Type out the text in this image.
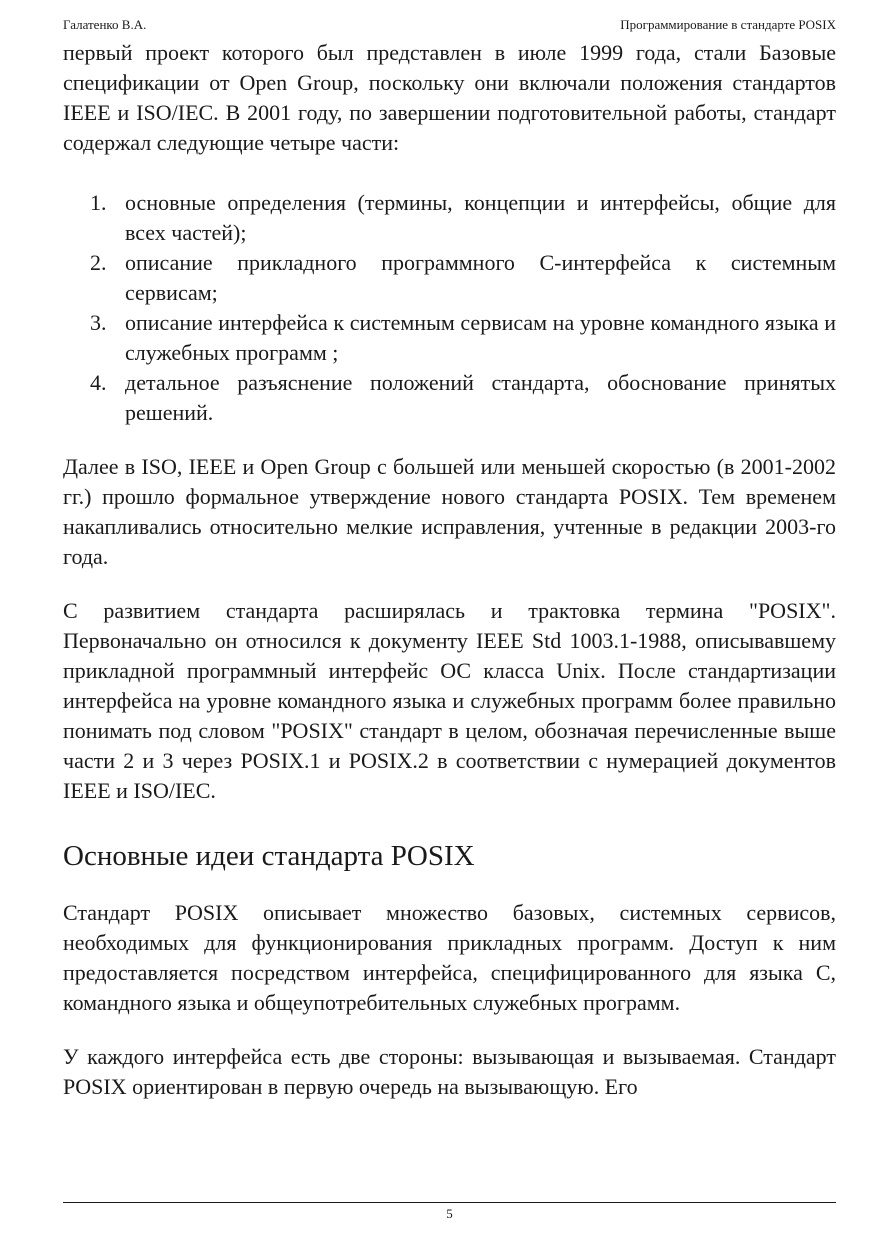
Галатенко В.А.	Программирование в стандарте POSIX

первый проект которого был представлен в июле 1999 года, стали Базовые спецификации от Open Group, поскольку они включали положения стандартов IEEE и ISO/IEC. В 2001 году, по завершении подготовительной работы, стандарт содержал следующие четыре части:

1. основные определения (термины, концепции и интерфейсы, общие для всех частей);
2. описание прикладного программного C-интерфейса к системным сервисам;
3. описание интерфейса к системным сервисам на уровне командного языка и служебных программ ;
4. детальное разъяснение положений стандарта, обоснование принятых решений.

Далее в ISO, IEEE и Open Group с большей или меньшей скоростью (в 2001-2002 гг.) прошло формальное утверждение нового стандарта POSIX. Тем временем накапливались относительно мелкие исправления, учтенные в редакции 2003-го года.

С развитием стандарта расширялась и трактовка термина "POSIX". Первоначально он относился к документу IEEE Std 1003.1-1988, описывавшему прикладной программный интерфейс ОС класса Unix. После стандартизации интерфейса на уровне командного языка и служебных программ более правильно понимать под словом "POSIX" стандарт в целом, обозначая перечисленные выше части 2 и 3 через POSIX.1 и POSIX.2 в соответствии с нумерацией документов IEEE и ISO/IEC.

Основные идеи стандарта POSIX

Стандарт POSIX описывает множество базовых, системных сервисов, необходимых для функционирования прикладных программ. Доступ к ним предоставляется посредством интерфейса, специфицированного для языка C, командного языка и общеупотребительных служебных программ.

У каждого интерфейса есть две стороны: вызывающая и вызываемая. Стандарт POSIX ориентирован в первую очередь на вызывающую. Его

5
